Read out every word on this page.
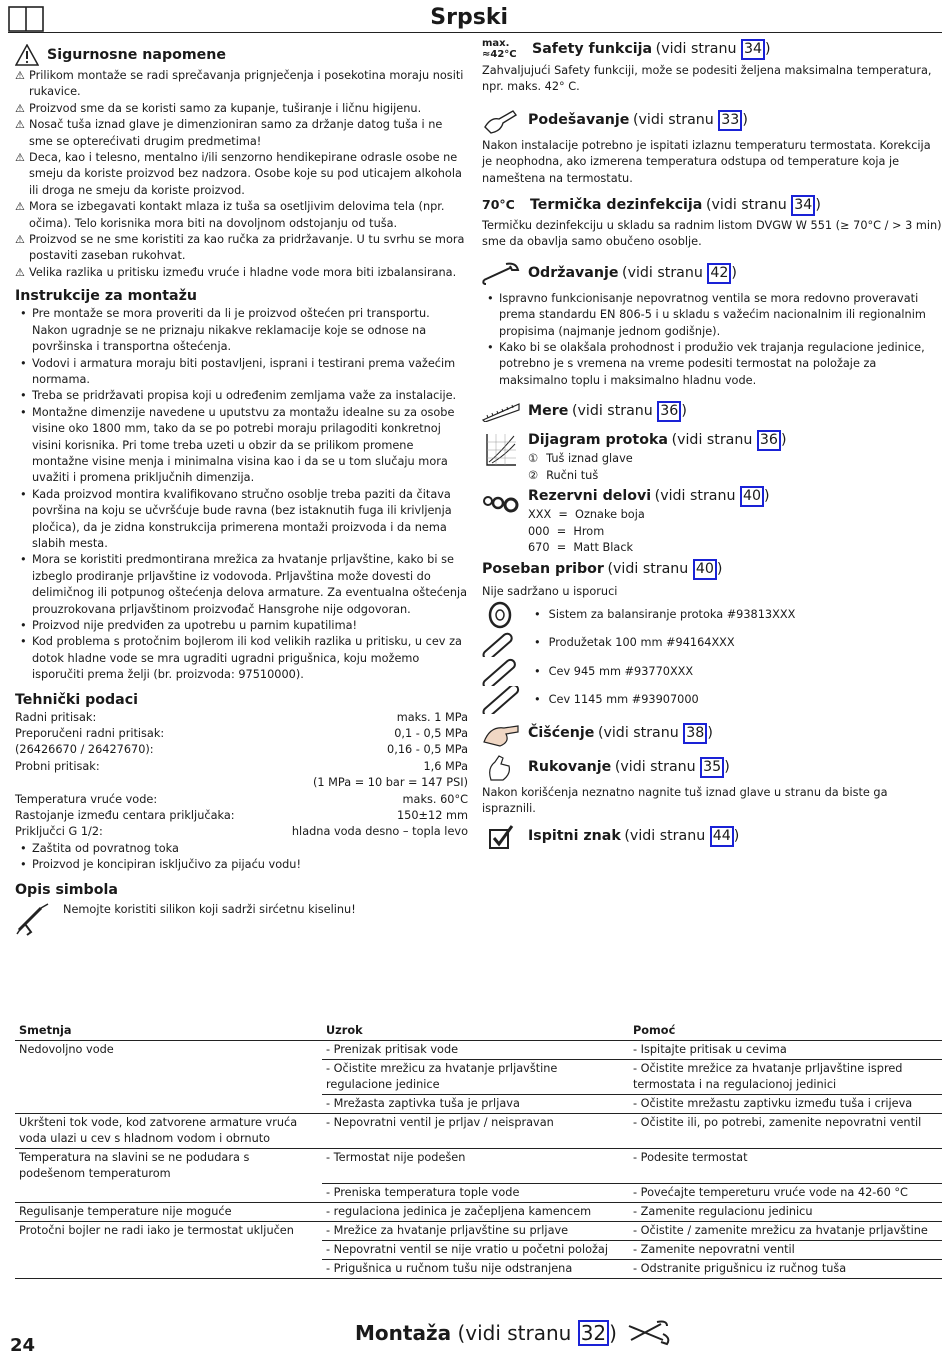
Srpski
Sigurnosne napomene
⚠ Prilikom montaže se radi sprečavanja prignječenja i posekotina moraju nositi rukavice.
⚠ Proizvod sme da se koristi samo za kupanje, tuširanje i ličnu higijenu.
⚠ Nosač tuša iznad glave je dimenzioniran samo za držanje datog tuša i ne sme se opterećivati drugim predmetima!
⚠ Deca, kao i telesno, mentalno i/ili senzorno hendikepirane odrasle osobe ne smeju da koriste proizvod bez nadzora. Osobe koje su pod uticajem alkohola ili droga ne smeju da koriste proizvod.
⚠ Mora se izbegavati kontakt mlaza iz tuša sa osetljivim delovima tela (npr. očima). Telo korisnika mora biti na dovoljnom odstojanju od tuša.
⚠ Proizvod se ne sme koristiti za kao ručka za pridržavanje. U tu svrhu se mora postaviti zaseban rukohvat.
⚠ Velika razlika u pritisku između vruće i hladne vode mora biti izbalansirana.
Instrukcije za montažu
• Pre montaže se mora proveriti da li je proizvod oštećen pri transportu. Nakon ugradnje se ne priznaju nikakve reklamacije koje se odnose na površinska i transportna oštećenja.
• Vodovi i armatura moraju biti postavljeni, isprani i testirani prema važećim normama.
• Treba se pridržavati propisa koji u određenim zemljama važe za instalacije.
• Montažne dimenzije navedene u uputstvu za montažu idealne su za osobe visine oko 1800 mm, tako da se po potrebi moraju prilagoditi konkretnoj visini korisnika. Pri tome treba uzeti u obzir da se prilikom promene montažne visine menja i minimalna visina kao i da se u tom slučaju mora uvažiti i promena priključnih dimenzija.
• Kada proizvod montira kvalifikovano stručno osoblje treba paziti da čitava površina na koju se učvršćuje bude ravna (bez istaknutih fuga ili krivljenja pločica), da je zidna konstrukcija primerena montaži proizvoda i da nema slabih mesta.
• Mora se koristiti predmontirana mrežica za hvatanje prljavštine, kako bi se izbeglo prodiranje prljavštine iz vodovoda. Prljavština može dovesti do delimičnog ili potpunog oštećenja delova armature. Za eventualna oštećenja prouzrokovana prljavštinom proizvođač Hansgrohe nije odgovoran.
• Proizvod nije predviđen za upotrebu u parnim kupatilima!
• Kod problema s protočnim bojlerom ili kod velikih razlika u pritisku, u cev za dotok hladne vode se mra ugraditi ugradni prigušnica, koju možemo isporučiti prema želji (br. proizvoda: 97510000).
Tehnički podaci
Radni pritisak:	maks. 1 MPa
Preporučeni radni pritisak:	0,1 - 0,5 MPa
(26426670 / 26427670):	0,16 - 0,5 MPa
Probni pritisak:	1,6 MPa
(1 MPa = 10 bar = 147 PSI)
Temperatura vruće vode:	maks. 60°C
Rastojanje između centara priključaka:	150±12 mm
Priključci G 1/2:	hladna voda desno – topla levo
• Zaštita od povratnog toka
• Proizvod je koncipiran isključivo za pijaću vodu!
Opis simbola
Nemojte koristiti silikon koji sadrži sirćetnu kiselinu!
max.
≈42°C	Safety funkcija (vidi stranu 34 )

Zahvaljujući Safety funkciji, može se podesiti željena maksimalna temperatura, npr. maks. 42° C.

Podešavanje (vidi stranu 33 )

Nakon instalacije potrebno je ispitati izlaznu temperaturu termostata. Korekcija je neophodna, ako izmerena temperatura odstupa od temperature koja je nameštena na termostatu.

70°C	Termička dezinfekcija (vidi stranu 34 )

Termičku dezinfekciju u skladu sa radnim listom DVGW W 551 (≥ 70°C / > 3 min) sme da obavlja samo obučeno osoblje.

Održavanje (vidi stranu 42 )
• Ispravno funkcionisanje nepovratnog ventila se mora redovno proveravati prema standardu EN 806-5 i u skladu s važećim nacionalnim ili regionalnim propisima (najmanje jednom godišnje).
• Kako bi se olakšala prohodnost i produžio vek trajanja regulacione jedinice, potrebno je s vremena na vreme podesiti termostat na položaje za maksimalno toplu i maksimalno hladnu vode.
Mere (vidi stranu 36 )
Dijagram protoka (vidi stranu 36 )
① Tuš iznad glave
② Ručni tuš
Rezervni delovi (vidi stranu 40 )
XXX  =  Oznake boja
000  =  Hrom
670  =  Matt Black
Poseban pribor (vidi stranu 40 )

Nije sadržano u isporuci

• Sistem za balansiranje protoka #93813XXX
• Produžetak 100 mm #94164XXX
• Cev 945 mm #93770XXX
• Cev 1145 mm #93907000
Čišćenje (vidi stranu 38 )
Rukovanje (vidi stranu 35 )

Nakon korišćenja neznatno nagnite tuš iznad glave u stranu da biste ga ispraznili.

Ispitni znak (vidi stranu 44 )
Smetnja	Uzrok	Pomoć
Nedovoljno vode	- Prenizak pritisak vode	- Ispitajte pritisak u cevima
	- Očistite mrežicu za hvatanje prljavštine regulacione jedinice	- Očistite mrežice za hvatanje prljavštine ispred termostata i na regulacionoj jedinici
	- Mrežasta zaptivka tuša je prljava	- Očistite mrežastu zaptivku između tuša i crijeva
Ukršteni tok vode, kod zatvorene armature vruća voda ulazi u cev s hladnom vodom i obrnuto	- Nepovratni ventil je prljav / neispravan	- Očistite ili, po potrebi, zamenite nepovratni ventil
Temperatura na slavini se ne podudara s podešenom temperaturom	- Termostat nije podešen	- Podesite termostat
	- Preniska temperatura tople vode	- Povećajte tempereturu vruće vode na 42-60 °C
Regulisanje temperature nije moguće	- regulaciona jedinica je začepljena kamencem	- Zamenite regulacionu jedinicu
Protočni bojler ne radi iako je termostat uključen	- Mrežice za hvatanje prljavštine su prljave	- Očistite / zamenite mrežicu za hvatanje prljavštine
	- Nepovratni ventil se nije vratio u početni položaj	- Zamenite nepovratni ventil
	- Prigušnica u ručnom tušu nije odstranjena	- Odstranite prigušnicu iz ručnog tuša
24
Montaža (vidi stranu 32 )
